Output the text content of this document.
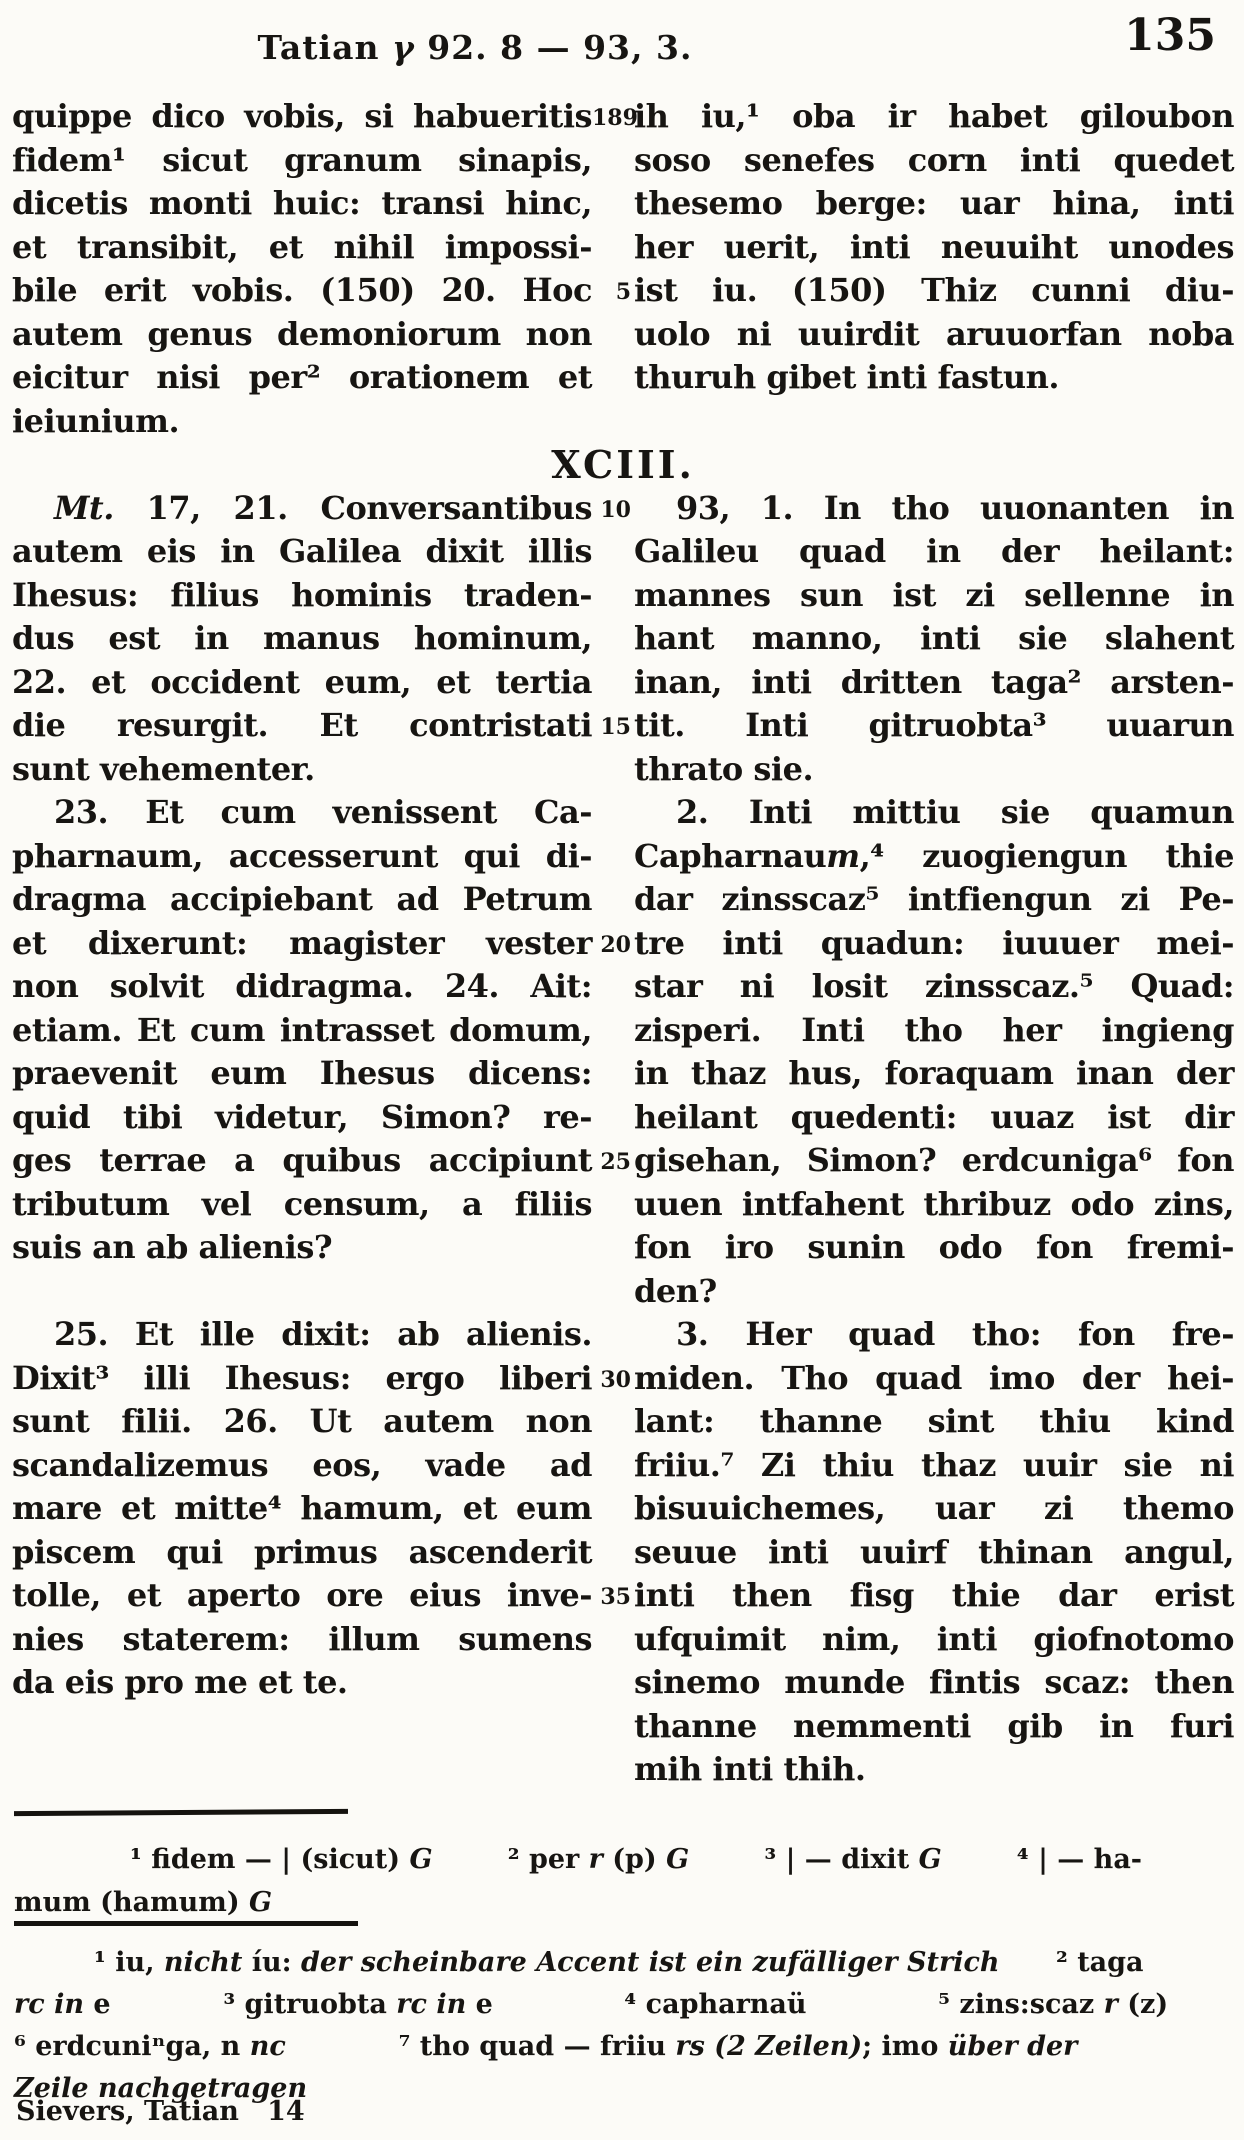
Tatian γ 92. 8 — 93, 3.	135
quippe dico vobis, si habueritis 189
ih iu,¹ oba ir habet giloubon
fidem¹ sicut granum sinapis, soso senefes corn inti quedet
dicetis monti huic: transi hinc, thesemo berge: uar hina, inti
et transibit, et nihil impossi- her uerit, inti neuuiht unodes
bile erit vobis. (150) 20. Hoc	5 ist iu. (150) Thiz cunni diu-
autem genus demoniorum non uolo ni uuirdit aruuorfan noba
eicitur nisi per² orationem et thuruh gibet inti fastun.
ieiunium.
XCIII.
Mt. 17, 21. Conversantibus 10	93, 1. In tho uuonanten in
autem eis in Galilea dixit illis Galileu quad in der heilant:
Ihesus: filius hominis traden- mannes sun ist zi sellenne in
dus est in manus hominum, hant manno, inti sie slahent
22. et occident eum, et tertia inan, inti dritten taga² arsten-
die resurgit. Et contristati 15 tit. Inti gitruobta³ uuarun
sunt vehementer.	thrato sie.
23. Et cum venissent Ca-	2. Inti mittiu sie quamun
pharnaum, accesserunt qui di- Capharnaum,⁴ zuogiengun thie
dragma accipiebant ad Petrum dar zinsscaz⁵ intfiengun zi Pe-
et dixerunt: magister vester 20 tre inti quadun: iuuuer mei-
non solvit didragma. 24. Ait: star ni losit zinsscaz.⁵ Quad:
etiam. Et cum intrasset domum, zisperi. Inti tho her ingieng
praevenit eum Ihesus dicens: in thaz hus, foraquam inan der
quid tibi videtur, Simon? re- heilant quedenti: uuaz ist dir
ges terrae a quibus accipiunt 25 gisehan, Simon? erdcuniga⁶ fon
tributum vel censum, a filiis uuen intfahent thribuz odo zins,
suis an ab alienis?	fon iro sunin odo fon fremi-
den?
25. Et ille dixit: ab alienis.	3. Her quad tho: fon fre-
Dixit³ illi Ihesus: ergo liberi 30 miden. Tho quad imo der hei-
sunt filii. 26. Ut autem non lant: thanne sint thiu kind
scandalizemus eos, vade ad friiu.⁷ Zi thiu thaz uuir sie ni
mare et mitte⁴ hamum, et eum bisuuichemes, uar zi themo
piscem qui primus ascenderit seuue inti uuirf thinan angul,
tolle, et aperto ore eius inve- 35 inti then fisg thie dar erist
nies staterem: illum sumens ufquimit nim, inti giofnotomo
da eis pro me et te.	sinemo munde fintis scaz: then
thanne nemmenti gib in furi
mih inti thih.
¹ fidem — | (sicut) G        ² per r (p) G        ³ | — dixit G        ⁴ | — ha-
mum (hamum) G
¹ iu, nicht íu: der scheinbare Accent ist ein zufälliger Strich      ² taga
rc in e            ³ gitruobta rc in e              ⁴ capharnaü              ⁵ zins:scaz r (z)
⁶ erdcuniⁿga, n nc            ⁷ tho quad — friiu rs (2 Zeilen); imo über der
Zeile nachgetragen
Sievers, Tatian   14
